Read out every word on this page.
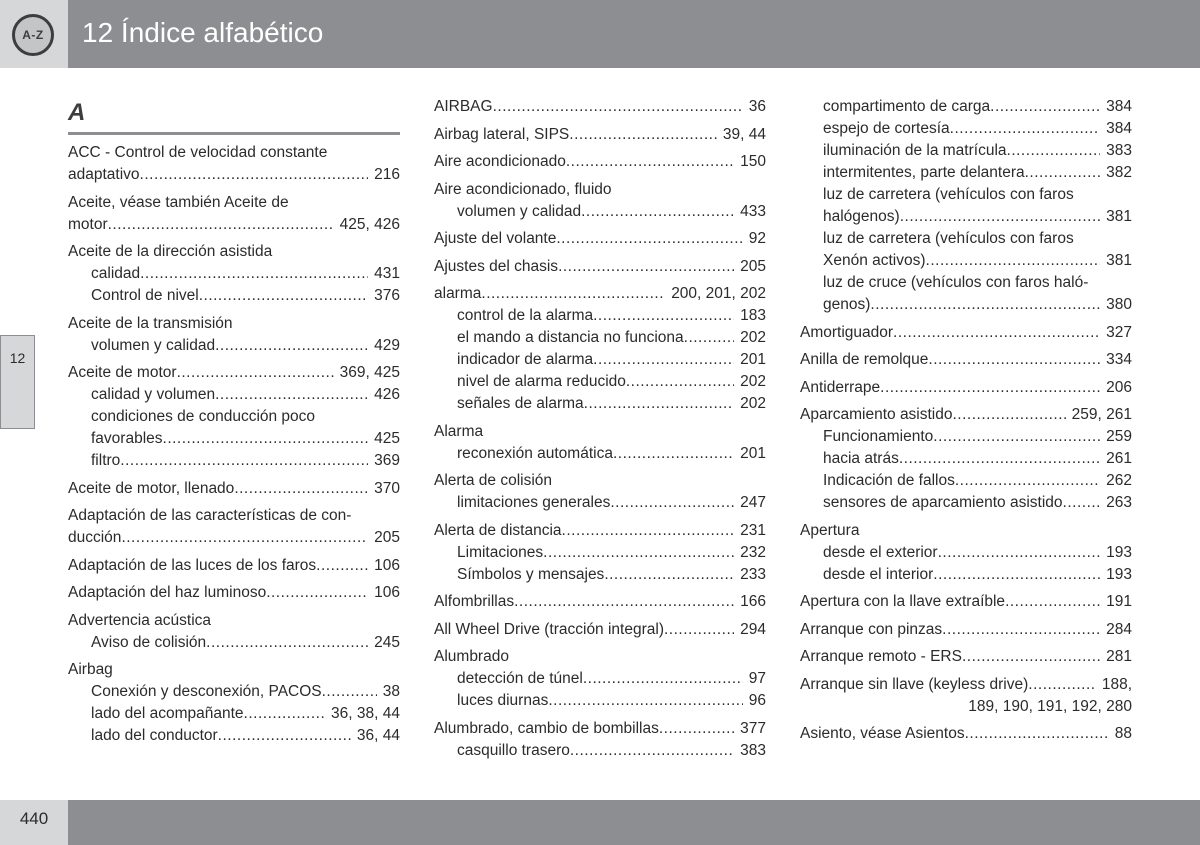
A-Z	12 Índice alfabético
12
A
ACC - Control de velocidad constante
adaptativo .....	216
Aceite, véase también Aceite de
motor .....	425, 426
Aceite de la dirección asistida
calidad .....	431
Control de nivel .....	376
Aceite de la transmisión
volumen y calidad .....	429
Aceite de motor .....	369, 425
calidad y volumen .....	426
condiciones de conducción poco
favorables .....	425
filtro .....	369
Aceite de motor, llenado .....	370
Adaptación de las características de con-
ducción .....	205
Adaptación de las luces de los faros .....	106
Adaptación del haz luminoso .....	106
Advertencia acústica
Aviso de colisión .....	245
Airbag
Conexión y desconexión, PACOS .....	38
lado del acompañante .....	36, 38, 44
lado del conductor .....	36, 44
AIRBAG .....	36
Airbag lateral, SIPS .....	39, 44
Aire acondicionado .....	150
Aire acondicionado, fluido
volumen y calidad .....	433
Ajuste del volante .....	92
Ajustes del chasis .....	205
alarma .....	200, 201, 202
control de la alarma .....	183
el mando a distancia no funciona .....	202
indicador de alarma .....	201
nivel de alarma reducido .....	202
señales de alarma .....	202
Alarma
reconexión automática .....	201
Alerta de colisión
limitaciones generales .....	247
Alerta de distancia .....	231
Limitaciones .....	232
Símbolos y mensajes .....	233
Alfombrillas .....	166
All Wheel Drive (tracción integral) .....	294
Alumbrado
detección de túnel .....	97
luces diurnas .....	96
Alumbrado, cambio de bombillas .....	377
casquillo trasero .....	383
compartimento de carga .....	384
espejo de cortesía .....	384
iluminación de la matrícula .....	383
intermitentes, parte delantera .....	382
luz de carretera (vehículos con faros
halógenos) .....	381
luz de carretera (vehículos con faros
Xenón activos) .....	381
luz de cruce (vehículos con faros haló-
genos) .....	380
Amortiguador .....	327
Anilla de remolque .....	334
Antiderrape .....	206
Aparcamiento asistido .....	259, 261
Funcionamiento .....	259
hacia atrás .....	261
Indicación de fallos .....	262
sensores de aparcamiento asistido .....	263
Apertura
desde el exterior .....	193
desde el interior .....	193
Apertura con la llave extraíble .....	191
Arranque con pinzas .....	284
Arranque remoto - ERS .....	281
Arranque sin llave (keyless drive) .....	188,
189, 190, 191, 192, 280
Asiento, véase Asientos .....	88
440
